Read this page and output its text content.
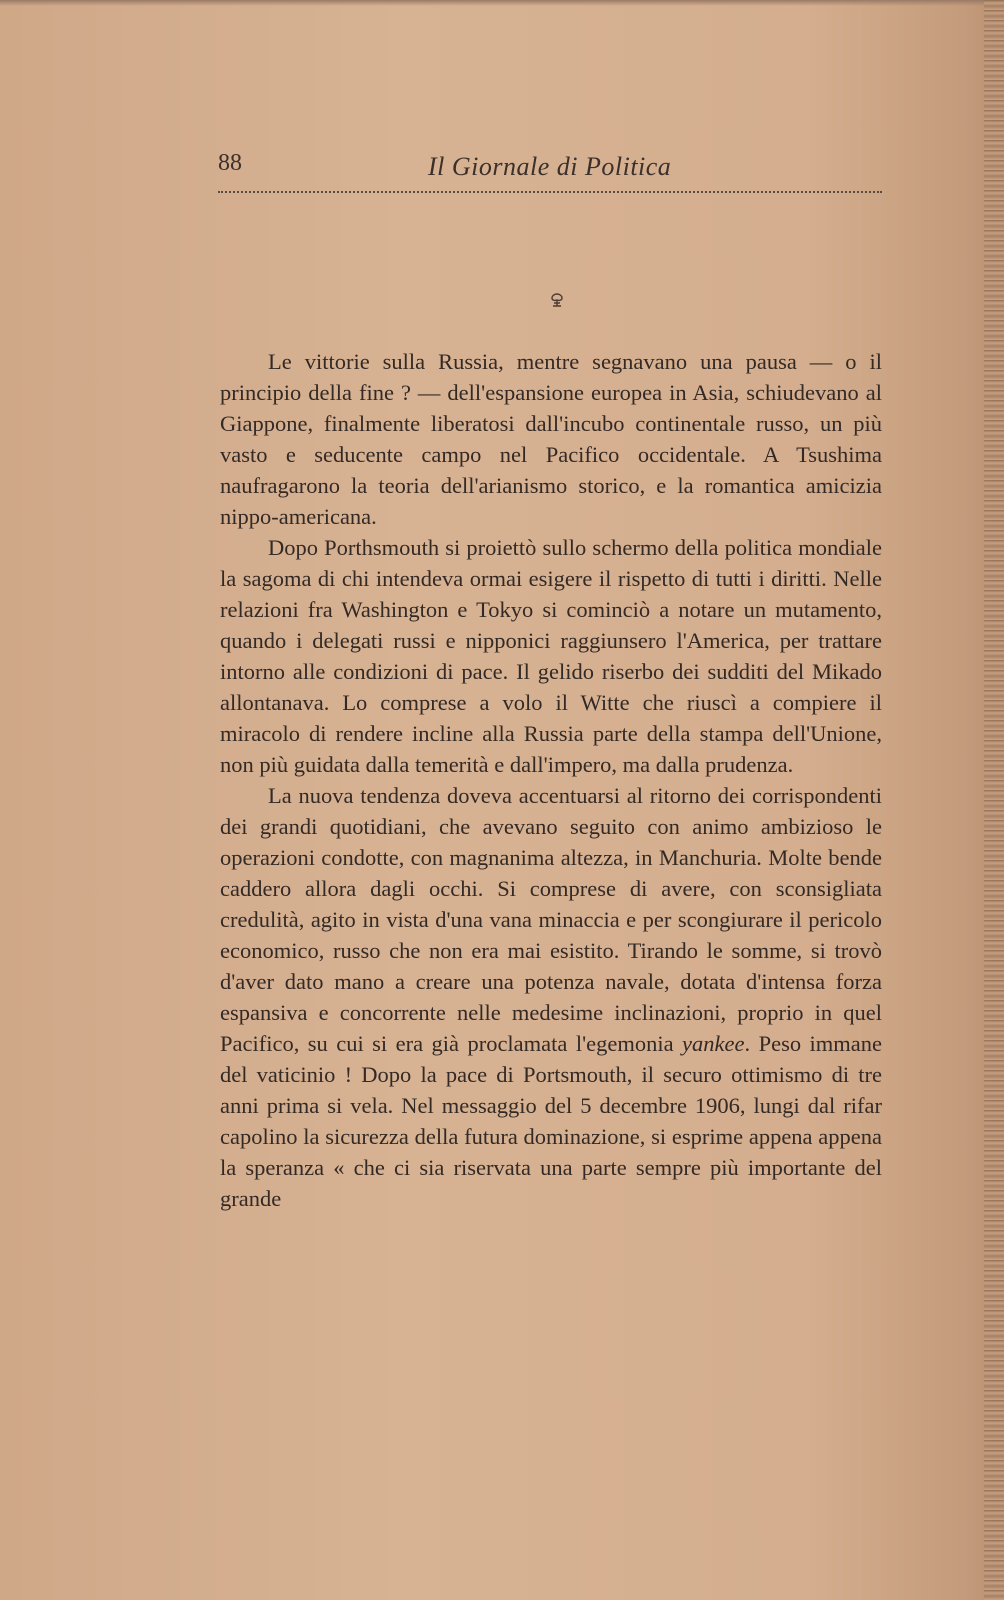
88	Il Giornale di Politica

Le vittorie sulla Russia, mentre segnavano una pausa — o il principio della fine ? — dell'espansione europea in Asia, schiudevano al Giappone, finalmente liberatosi dall'incubo continentale russo, un più vasto e seducente campo nel Pacifico occidentale. A Tsushima naufragarono la teoria dell'arianismo storico, e la romantica amicizia nippo-americana.

Dopo Porthsmouth si proiettò sullo schermo della politica mondiale la sagoma di chi intendeva ormai esigere il rispetto di tutti i diritti. Nelle relazioni fra Washington e Tokyo si cominciò a notare un mutamento, quando i delegati russi e nipponici raggiunsero l'America, per trattare intorno alle condizioni di pace. Il gelido riserbo dei sudditi del Mikado allontanava. Lo comprese a volo il Witte che riuscì a compiere il miracolo di rendere incline alla Russia parte della stampa dell'Unione, non più guidata dalla temerità e dall'impero, ma dalla prudenza.

La nuova tendenza doveva accentuarsi al ritorno dei corrispondenti dei grandi quotidiani, che avevano seguito con animo ambizioso le operazioni condotte, con magnanima altezza, in Manchuria. Molte bende caddero allora dagli occhi. Si comprese di avere, con sconsigliata credulità, agito in vista d'una vana minaccia e per scongiurare il pericolo economico, russo che non era mai esistito. Tirando le somme, si trovò d'aver dato mano a creare una potenza navale, dotata d'intensa forza espansiva e concorrente nelle medesime inclinazioni, proprio in quel Pacifico, su cui si era già proclamata l'egemonia yankee. Peso immane del vaticinio ! Dopo la pace di Portsmouth, il securo ottimismo di tre anni prima si vela. Nel messaggio del 5 decembre 1906, lungi dal rifar capolino la sicurezza della futura dominazione, si esprime appena appena la speranza « che ci sia riservata una parte sempre più importante del grande
